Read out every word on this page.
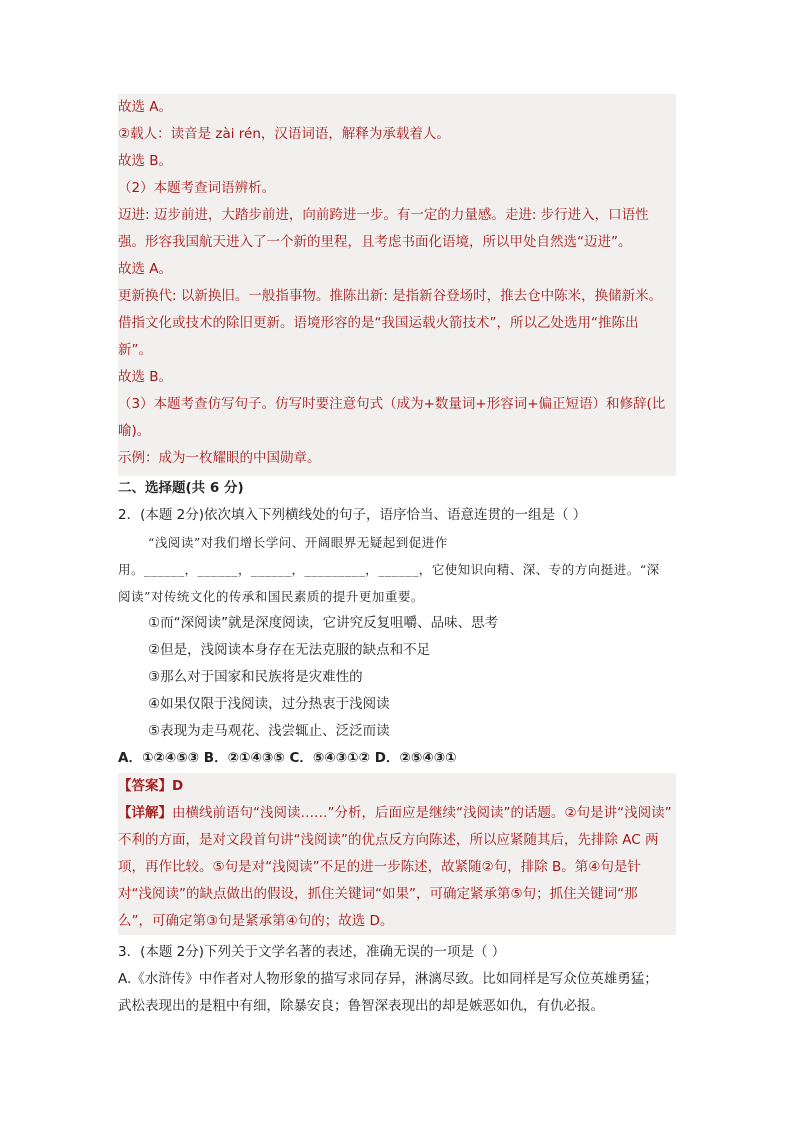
故选 A。
②载人：读音是 zài rén，汉语词语，解释为承载着人。
故选 B。
（2）本题考查词语辨析。
迈进: 迈步前进，大踏步前进，向前跨进一步。有一定的力量感。走进: 步行进入，口语性
强。形容我国航天进入了一个新的里程，且考虑书面化语境，所以甲处自然选“迈进”。
故选 A。
更新换代: 以新换旧。一般指事物。推陈出新: 是指新谷登场时，推去仓中陈米，换储新米。
借指文化或技术的除旧更新。语境形容的是“我国运载火箭技术”，所以乙处选用“推陈出
新”。
故选 B。
（3）本题考查仿写句子。仿写时要注意句式（成为+数量词+形容词+偏正短语）和修辞(比
喻)。
示例：成为一枚耀眼的中国勋章。
二、选择题(共 6 分)
2．(本题 2分)依次填入下列横线处的句子，语序恰当、语意连贯的一组是（ ）
“浅阅读”对我们增长学问、开阔眼界无疑起到促进作
用。______，______，______，_________，______，它使知识向精、深、专的方向挺进。“深
阅读”对传统文化的传承和国民素质的提升更加重要。
①而“深阅读”就是深度阅读，它讲究反复咀嚼、品味、思考
②但是，浅阅读本身存在无法克服的缺点和不足
③那么对于国家和民族将是灾难性的
④如果仅限于浅阅读，过分热衷于浅阅读
⑤表现为走马观花、浅尝辄止、泛泛而读
A．①②④⑤③ B．②①④③⑤ C．⑤④③①② D．②⑤④③①
【答案】D
【详解】由横线前语句“浅阅读……”分析，后面应是继续“浅阅读”的话题。②句是讲“浅阅读”
不利的方面，是对文段首句讲“浅阅读”的优点反方向陈述，所以应紧随其后，先排除 AC 两
项，再作比较。⑤句是对“浅阅读”不足的进一步陈述，故紧随②句，排除 B。第④句是针
对“浅阅读”的缺点做出的假设，抓住关键词“如果”，可确定紧承第⑤句；抓住关键词“那
么”，可确定第③句是紧承第④句的；故选 D。
3．(本题 2分)下列关于文学名著的表述，准确无误的一项是（ ）
A.《水浒传》中作者对人物形象的描写求同存异，淋漓尽致。比如同样是写众位英雄勇猛；
武松表现出的是粗中有细，除暴安良；鲁智深表现出的却是嫉恶如仇，有仇必报。
